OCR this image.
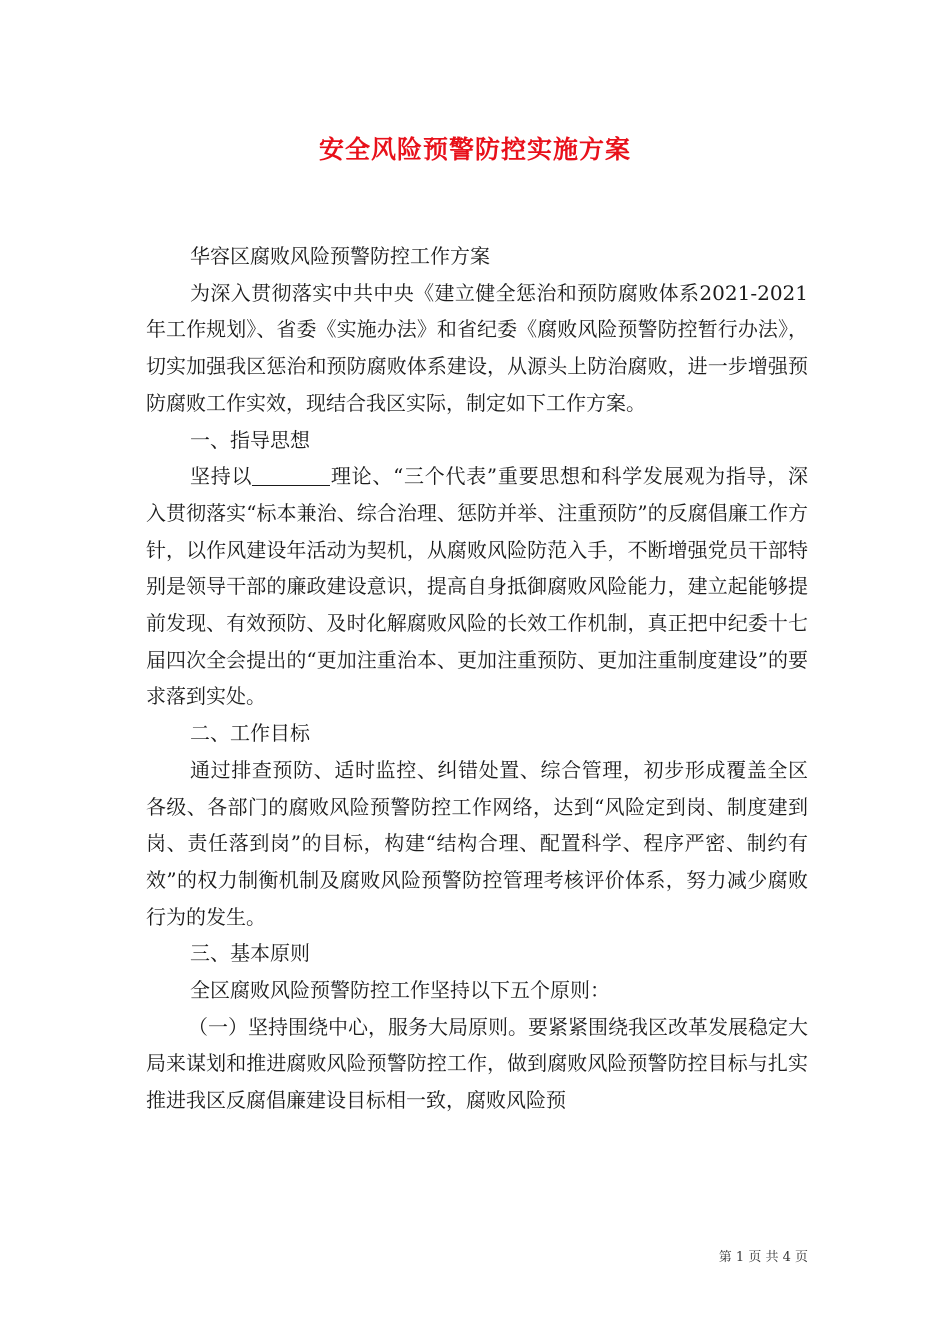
安全风险预警防控实施方案

华容区腐败风险预警防控工作方案

为深入贯彻落实中共中央《建立健全惩治和预防腐败体系2021-2021年工作规划》、省委《实施办法》和省纪委《腐败风险预警防控暂行办法》，切实加强我区惩治和预防腐败体系建设，从源头上防治腐败，进一步增强预防腐败工作实效，现结合我区实际，制定如下工作方案。

一、指导思想

坚持以	理论、“三个代表”重要思想和科学发展观为指导，深入贯彻落实“标本兼治、综合治理、惩防并举、注重预防”的反腐倡廉工作方针，以作风建设年活动为契机，从腐败风险防范入手，不断增强党员干部特别是领导干部的廉政建设意识，提高自身抵御腐败风险能力，建立起能够提前发现、有效预防、及时化解腐败风险的长效工作机制，真正把中纪委十七届四次全会提出的“更加注重治本、更加注重预防、更加注重制度建设”的要求落到实处。

二、工作目标

通过排查预防、适时监控、纠错处置、综合管理，初步形成覆盖全区各级、各部门的腐败风险预警防控工作网络，达到“风险定到岗、制度建到岗、责任落到岗”的目标，构建“结构合理、配置科学、程序严密、制约有效”的权力制衡机制及腐败风险预警防控管理考核评价体系，努力减少腐败行为的发生。

三、基本原则

全区腐败风险预警防控工作坚持以下五个原则：

（一）坚持围绕中心，服务大局原则。要紧紧围绕我区改革发展稳定大局来谋划和推进腐败风险预警防控工作，做到腐败风险预警防控目标与扎实推进我区反腐倡廉建设目标相一致，腐败风险预

第 1 页 共 4 页
